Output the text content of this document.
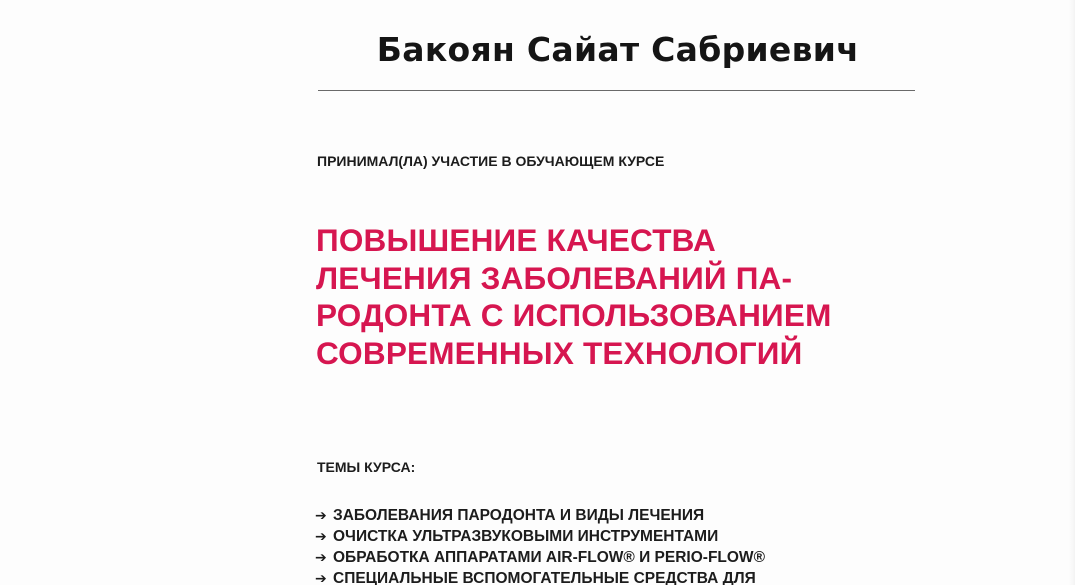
Бакоян Сайат Сабриевич
ПРИНИМАЛ(ЛА) УЧАСТИЕ В ОБУЧАЮЩЕМ КУРСЕ
ПОВЫШЕНИЕ КАЧЕСТВА
ЛЕЧЕНИЯ ЗАБОЛЕВАНИЙ ПА-
РОДОНТА С ИСПОЛЬЗОВАНИЕМ
СОВРЕМЕННЫХ ТЕХНОЛОГИЙ
ТЕМЫ КУРСА:
➔ ЗАБОЛЕВАНИЯ ПАРОДОНТА И ВИДЫ ЛЕЧЕНИЯ
➔ ОЧИСТКА УЛЬТРАЗВУКОВЫМИ ИНСТРУМЕНТАМИ
➔ ОБРАБОТКА АППАРАТАМИ AIR-FLOW® И PERIO-FLOW®
➔ СПЕЦИАЛЬНЫЕ ВСПОМОГАТЕЛЬНЫЕ СРЕДСТВА ДЛЯ
